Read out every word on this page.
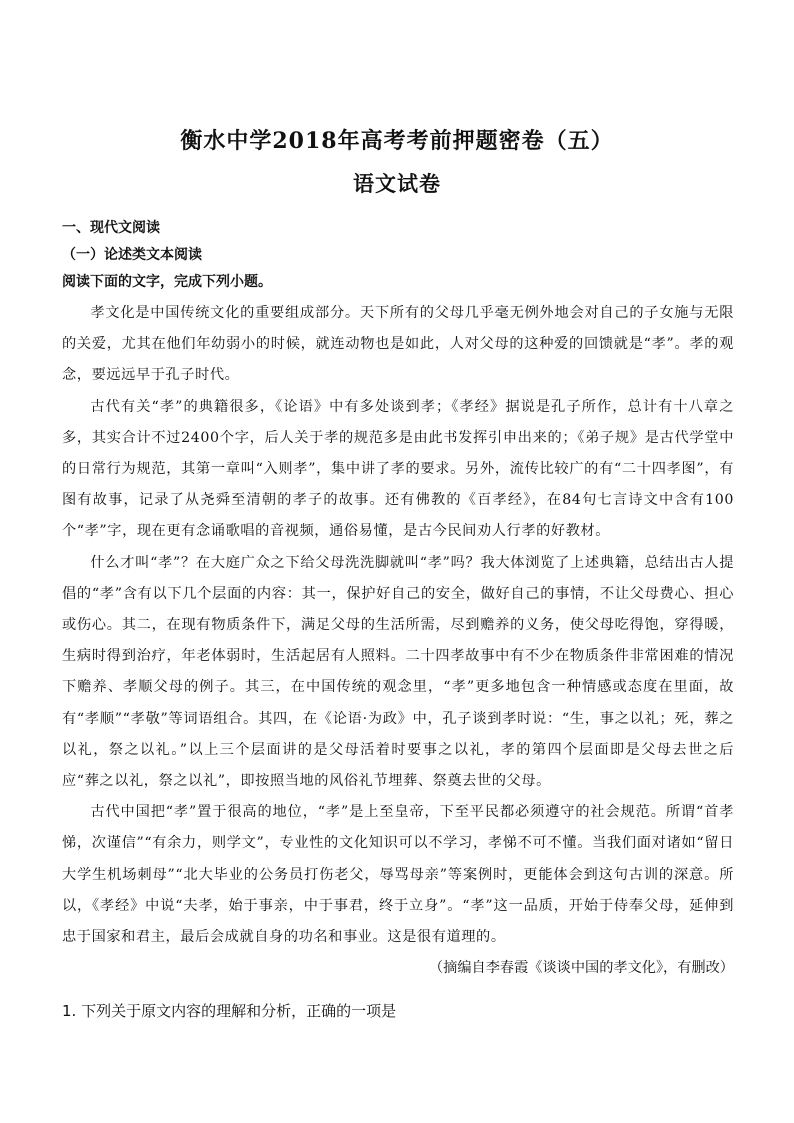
衡水中学2018年高考考前押题密卷（五）
语文试卷
一、现代文阅读
（一）论述类文本阅读
阅读下面的文字，完成下列小题。

孝文化是中国传统文化的重要组成部分。天下所有的父母几乎毫无例外地会对自己的子女施与无限的关爱，尤其在他们年幼弱小的时候，就连动物也是如此，人对父母的这种爱的回馈就是“孝”。孝的观念，要远远早于孔子时代。

古代有关“孝”的典籍很多，《论语》中有多处谈到孝；《孝经》据说是孔子所作，总计有十八章之多，其实合计不过2400个字，后人关于孝的规范多是由此书发挥引申出来的；《弟子规》是古代学堂中的日常行为规范，其第一章叫“入则孝”，集中讲了孝的要求。另外，流传比较广的有“二十四孝图”，有图有故事，记录了从尧舜至清朝的孝子的故事。还有佛教的《百孝经》，在84句七言诗文中含有100个“孝”字，现在更有念诵歌唱的音视频，通俗易懂，是古今民间劝人行孝的好教材。

什么才叫“孝”？在大庭广众之下给父母洗洗脚就叫“孝”吗？我大体浏览了上述典籍，总结出古人提倡的“孝”含有以下几个层面的内容：其一，保护好自己的安全，做好自己的事情，不让父母费心、担心或伤心。其二，在现有物质条件下，满足父母的生活所需，尽到赡养的义务，使父母吃得饱，穿得暖，生病时得到治疗，年老体弱时，生活起居有人照料。二十四孝故事中有不少在物质条件非常困难的情况下赡养、孝顺父母的例子。其三，在中国传统的观念里，“孝”更多地包含一种情感或态度在里面，故有“孝顺”“孝敬”等词语组合。其四，在《论语·为政》中，孔子谈到孝时说：“生，事之以礼；死，葬之以礼，祭之以礼。”以上三个层面讲的是父母活着时要事之以礼，孝的第四个层面即是父母去世之后应“葬之以礼，祭之以礼”，即按照当地的风俗礼节埋葬、祭奠去世的父母。

古代中国把“孝”置于很高的地位，“孝”是上至皇帝，下至平民都必须遵守的社会规范。所谓“首孝悌，次谨信”“有余力，则学文”，专业性的文化知识可以不学习，孝悌不可不懂。当我们面对诸如“留日大学生机场刺母”“北大毕业的公务员打伤老父，辱骂母亲”等案例时，更能体会到这句古训的深意。所以，《孝经》中说“夫孝，始于事亲，中于事君，终于立身”。“孝”这一品质，开始于侍奉父母，延伸到忠于国家和君主，最后会成就自身的功名和事业。这是很有道理的。

（摘编自李春霞《谈谈中国的孝文化》，有删改）

1. 下列关于原文内容的理解和分析，正确的一项是
